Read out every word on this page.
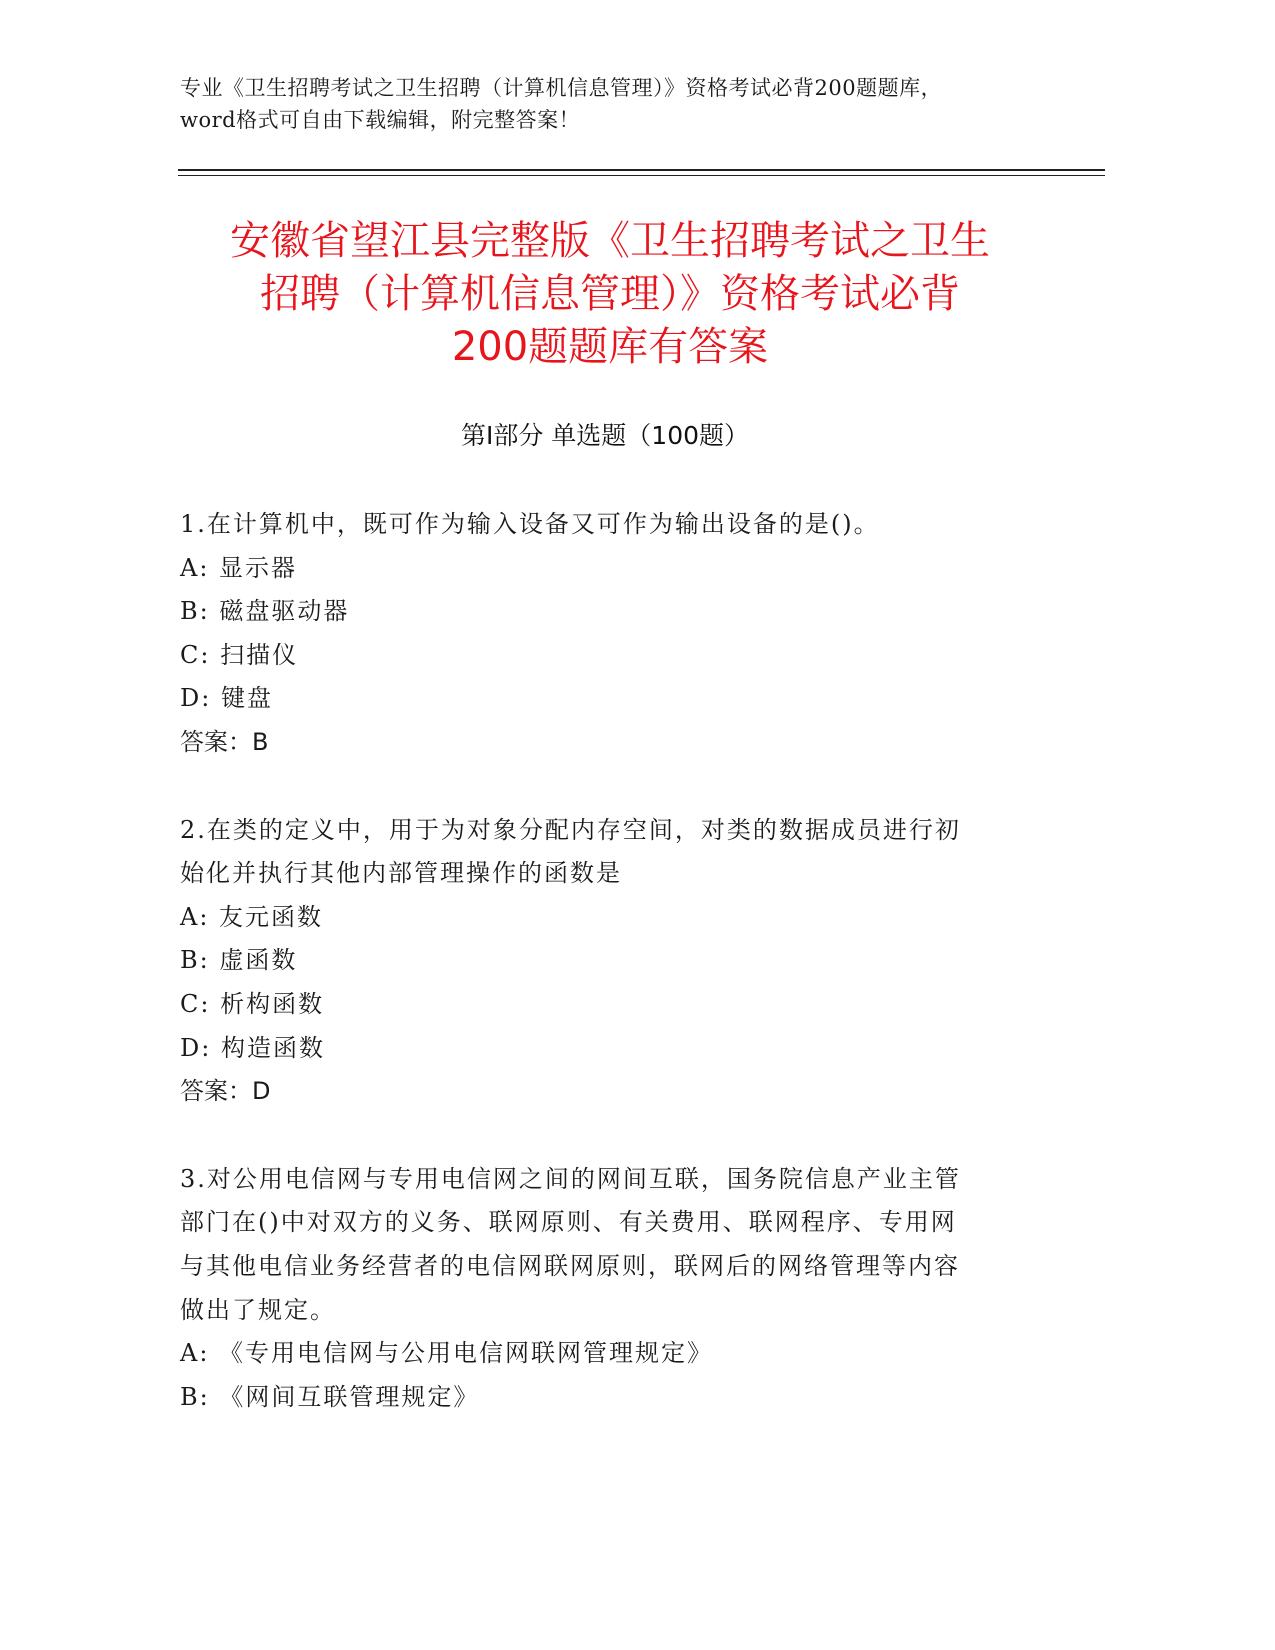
专业《卫生招聘考试之卫生招聘（计算机信息管理）》资格考试必背200题题库，
word格式可自由下载编辑，附完整答案！
安徽省望江县完整版《卫生招聘考试之卫生
招聘（计算机信息管理）》资格考试必背
200题题库有答案
第Ⅰ部分 单选题（100题）
1.在计算机中，既可作为输入设备又可作为输出设备的是()。
A: 显示器
B: 磁盘驱动器
C: 扫描仪
D: 键盘
答案：B
2.在类的定义中，用于为对象分配内存空间，对类的数据成员进行初
始化并执行其他内部管理操作的函数是
A: 友元函数
B: 虚函数
C: 析构函数
D: 构造函数
答案：D
3.对公用电信网与专用电信网之间的网间互联，国务院信息产业主管
部门在()中对双方的义务、联网原则、有关费用、联网程序、专用网
与其他电信业务经营者的电信网联网原则，联网后的网络管理等内容
做出了规定。
A: 《专用电信网与公用电信网联网管理规定》
B: 《网间互联管理规定》
